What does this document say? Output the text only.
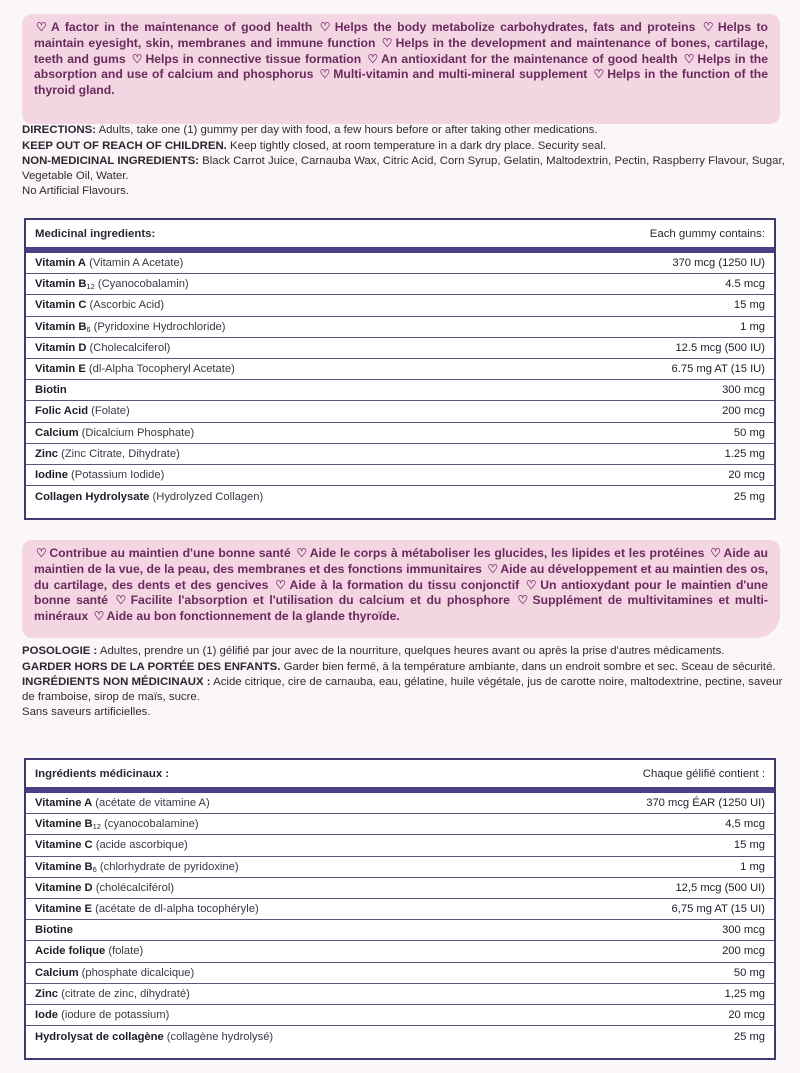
♡ A factor in the maintenance of good health ♡ Helps the body metabolize carbohydrates, fats and proteins ♡ Helps to maintain eyesight, skin, membranes and immune function ♡ Helps in the development and maintenance of bones, cartilage, teeth and gums ♡ Helps in connective tissue formation ♡ An antioxidant for the maintenance of good health ♡ Helps in the absorption and use of calcium and phosphorus ♡ Multi-vitamin and multi-mineral supplement ♡ Helps in the function of the thyroid gland.

DIRECTIONS: Adults, take one (1) gummy per day with food, a few hours before or after taking other medications.

KEEP OUT OF REACH OF CHILDREN. Keep tightly closed, at room temperature in a dark dry place. Security seal.

NON-MEDICINAL INGREDIENTS: Black Carrot Juice, Carnauba Wax, Citric Acid, Corn Syrup, Gelatin, Maltodextrin, Pectin, Raspberry Flavour, Sugar, Vegetable Oil, Water.

No Artificial Flavours.

Medicinal ingredients:	Each gummy contains:
Vitamin A (Vitamin A Acetate)	370 mcg (1250 IU)
Vitamin $B_{12}$ (Cyanocobalamin)	4.5 mcg
Vitamin C (Ascorbic Acid)	15 mg
Vitamin $B_6$ (Pyridoxine Hydrochloride)	1 mg
Vitamin D (Cholecalciferol)	12.5 mcg (500 IU)
Vitamin E (dl-Alpha Tocopheryl Acetate)	6.75 mg AT (15 IU)
Biotin	300 mcg
Folic Acid (Folate)	200 mcg
Calcium (Dicalcium Phosphate)	50 mg
Zinc (Zinc Citrate, Dihydrate)	1.25 mg
Iodine (Potassium Iodide)	20 mcg
Collagen Hydrolysate (Hydrolyzed Collagen)	25 mg
♡ Contribue au maintien d'une bonne santé ♡ Aide le corps à métaboliser les glucides, les lipides et les protéines ♡ Aide au maintien de la vue, de la peau, des membranes et des fonctions immunitaires ♡ Aide au développement et au maintien des os, du cartilage, des dents et des gencives ♡ Aide à la formation du tissu conjonctif ♡ Un antioxydant pour le maintien d'une bonne santé ♡ Facilite l'absorption et l'utilisation du calcium et du phosphore ♡ Supplément de multivitamines et multi-minéraux ♡ Aide au bon fonctionnement de la glande thyroïde.

POSOLOGIE : Adultes, prendre un (1) gélifié par jour avec de la nourriture, quelques heures avant ou après la prise d'autres médicaments.

GARDER HORS DE LA PORTÉE DES ENFANTS. Garder bien fermé, à la température ambiante, dans un endroit sombre et sec. Sceau de sécurité.

INGRÉDIENTS NON MÉDICINAUX : Acide citrique, cire de carnauba, eau, gélatine, huile végétale, jus de carotte noire, maltodextrine, pectine, saveur de framboise, sirop de maïs, sucre.

Sans saveurs artificielles.

Ingrédients médicinaux :	Chaque gélifié contient :
Vitamine A (acétate de vitamine A)	370 mcg ÉAR (1250 UI)
Vitamine $B_{12}$ (cyanocobalamine)	4,5 mcg
Vitamine C (acide ascorbique)	15 mg
Vitamine $B_6$ (chlorhydrate de pyridoxine)	1 mg
Vitamine D (cholécalciférol)	12,5 mcg (500 UI)
Vitamine E (acétate de dl-alpha tocophéryle)	6,75 mg AT (15 UI)
Biotine	300 mcg
Acide folique (folate)	200 mcg
Calcium (phosphate dicalcique)	50 mg
Zinc (citrate de zinc, dihydraté)	1,25 mg
Iode (iodure de potassium)	20 mcg
Hydrolysat de collagène (collagène hydrolysé)	25 mg
